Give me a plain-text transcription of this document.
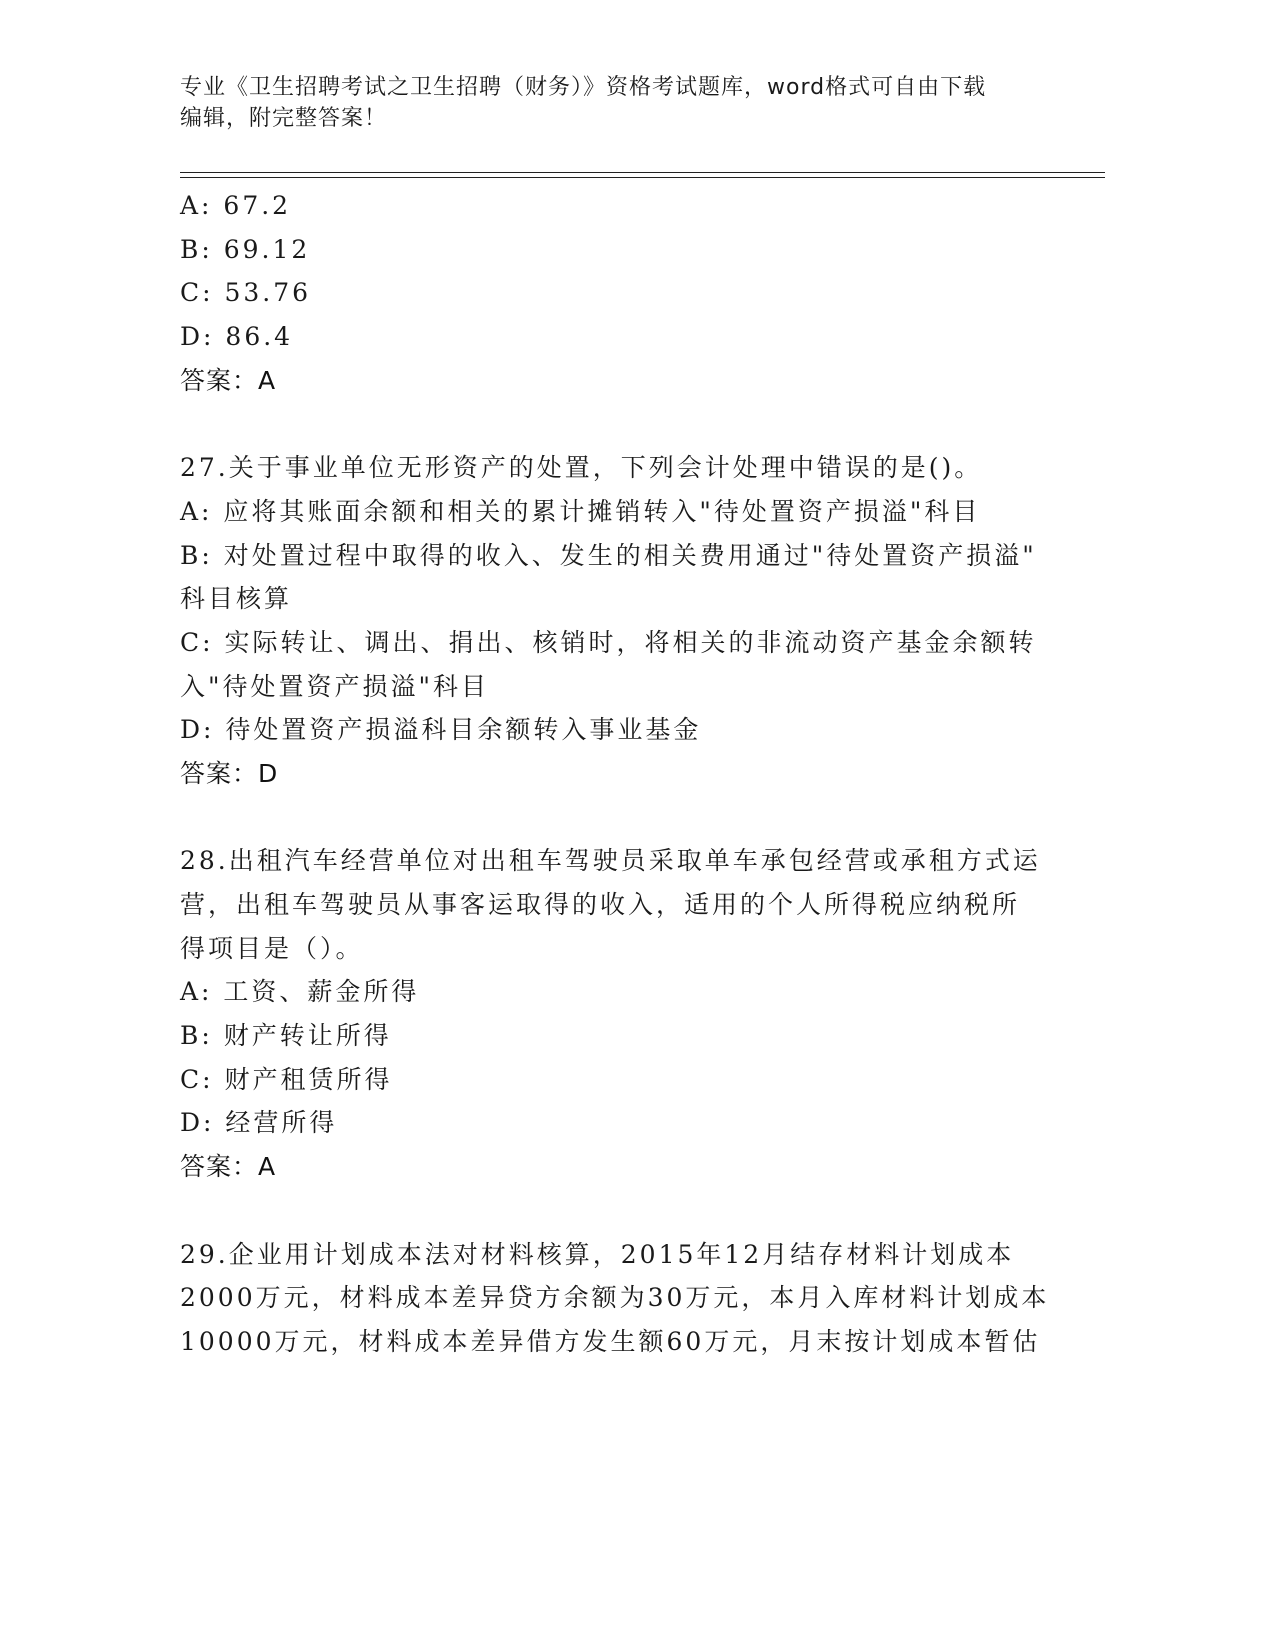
专业《卫生招聘考试之卫生招聘（财务）》资格考试题库，word格式可自由下载
编辑，附完整答案！
A: 67.2
B: 69.12
C: 53.76
D: 86.4
答案：A
27.关于事业单位无形资产的处置，下列会计处理中错误的是()。
A: 应将其账面余额和相关的累计摊销转入"待处置资产损溢"科目
B: 对处置过程中取得的收入、发生的相关费用通过"待处置资产损溢"
科目核算
C: 实际转让、调出、捐出、核销时，将相关的非流动资产基金余额转
入"待处置资产损溢"科目
D: 待处置资产损溢科目余额转入事业基金
答案：D
28.出租汽车经营单位对出租车驾驶员采取单车承包经营或承租方式运
营，出租车驾驶员从事客运取得的收入，适用的个人所得税应纳税所
得项目是（）。
A: 工资、薪金所得
B: 财产转让所得
C: 财产租赁所得
D: 经营所得
答案：A
29.企业用计划成本法对材料核算，2015年12月结存材料计划成本
2000万元，材料成本差异贷方余额为30万元，本月入库材料计划成本
10000万元，材料成本差异借方发生额60万元，月末按计划成本暂估
